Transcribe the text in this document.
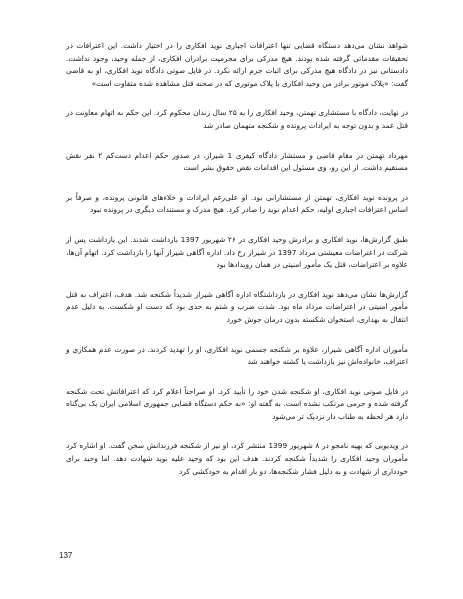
شواهد نشان می‌دهد دستگاه قضایی تنها اعترافات اجباری نوید افکاری را در اختیار داشت. این اعترافات در تحقیقات مقدماتی گرفته شده بودند. هیچ مدرکی برای مجرمیت برادران افکاری، از جمله وحید، وجود نداشت. دادستانی نیز در دادگاه هیچ مدرکی برای اثبات جرم ارائه نکرد. در فایل صوتی دادگاه نوید افکاری، او به قاضی گفت: «پلاک موتور برادر من وحید افکاری با پلاک موتوری که در صحنه قتل مشاهده شده متفاوت است»

در نهایت، دادگاه با مستشاری تهمتن، وحید افکاری را به ۲۵ سال زندان محکوم کرد. این حکم به اتهام معاونت در قتل عمد و بدون توجه به ایرادات پرونده و شکنجه متهمان صادر شد

مهرداد تهمتن در مقام قاضی و مستشار دادگاه کیفری 1 شیراز، در صدور حکم اعدام دست‌کم ۲ نفر نقش مستقیم داشت. از این رو، وی مسئول این اقدامات نقض حقوق بشر است

در پرونده نوید افکاری، تهمتن از مستشارانی بود. او علی‌رغم ایرادات و خلاءهای قانونی پرونده، و صرفاً بر اساس اعترافات اجباری اولیه، حکم اعدام نوید را صادر کرد. هیچ مدرک و مستندات دیگری در پرونده نبود

طبق گزارش‌ها، نوید افکاری و برادرش وحید افکاری در ۲۶ شهریور 1397 بازداشت شدند. این بازداشت پس از شرکت در اعتراضات معیشتی مرداد 1397 در شیراز رخ داد. اداره آگاهی شیراز آنها را بازداشت کرد. اتهام آن‌ها، علاوه بر اعتراضات، قتل یک مأمور امنیتی در همان رویدادها بود

گزارش‌ها نشان می‌دهد نوید افکاری در بازداشتگاه اداره آگاهی شیراز شدیداً شکنجه شد. هدف، اعتراف به قتل مأمور امنیتی در اعتراضات مرداد ماه بود. شدت ضرب و شتم به حدی بود که دست او شکست. به دلیل عدم انتقال به بهداری، استخوان شکسته بدون درمان جوش خورد

مأموران اداره آگاهی شیراز، علاوه بر شکنجه جسمی نوید افکاری، او را تهدید کردند. در صورت عدم همکاری و اعتراف، خانواده‌اش نیز بازداشت یا کشته خواهند شد

در فایل صوتی نوید افکاری، او شکنجه شدن خود را تأیید کرد. او صراحتاً اعلام کرد که اعترافاتش تحت شکنجه گرفته شده و جرمی مرتکب نشده است. به گفته او: «به حکم دستگاه قضایی جمهوری اسلامی ایران یک بی‌گناه دارد هر لحظه به طناب دار نزدیک تر می‌شود

در ویدیویی که بهیه نامجو در ۸ شهریور 1399 منتشر کرد، او نیز از شکنجه فرزندانش سخن گفت. او اشاره کرد مأموران وحید افکاری را شدیداً شکنجه کردند. هدف این بود که وحید علیه نوید شهادت دهد. اما وحید برای خودداری از شهادت و به دلیل فشار شکنجه‌ها، دو بار اقدام به خودکشی کرد

137
